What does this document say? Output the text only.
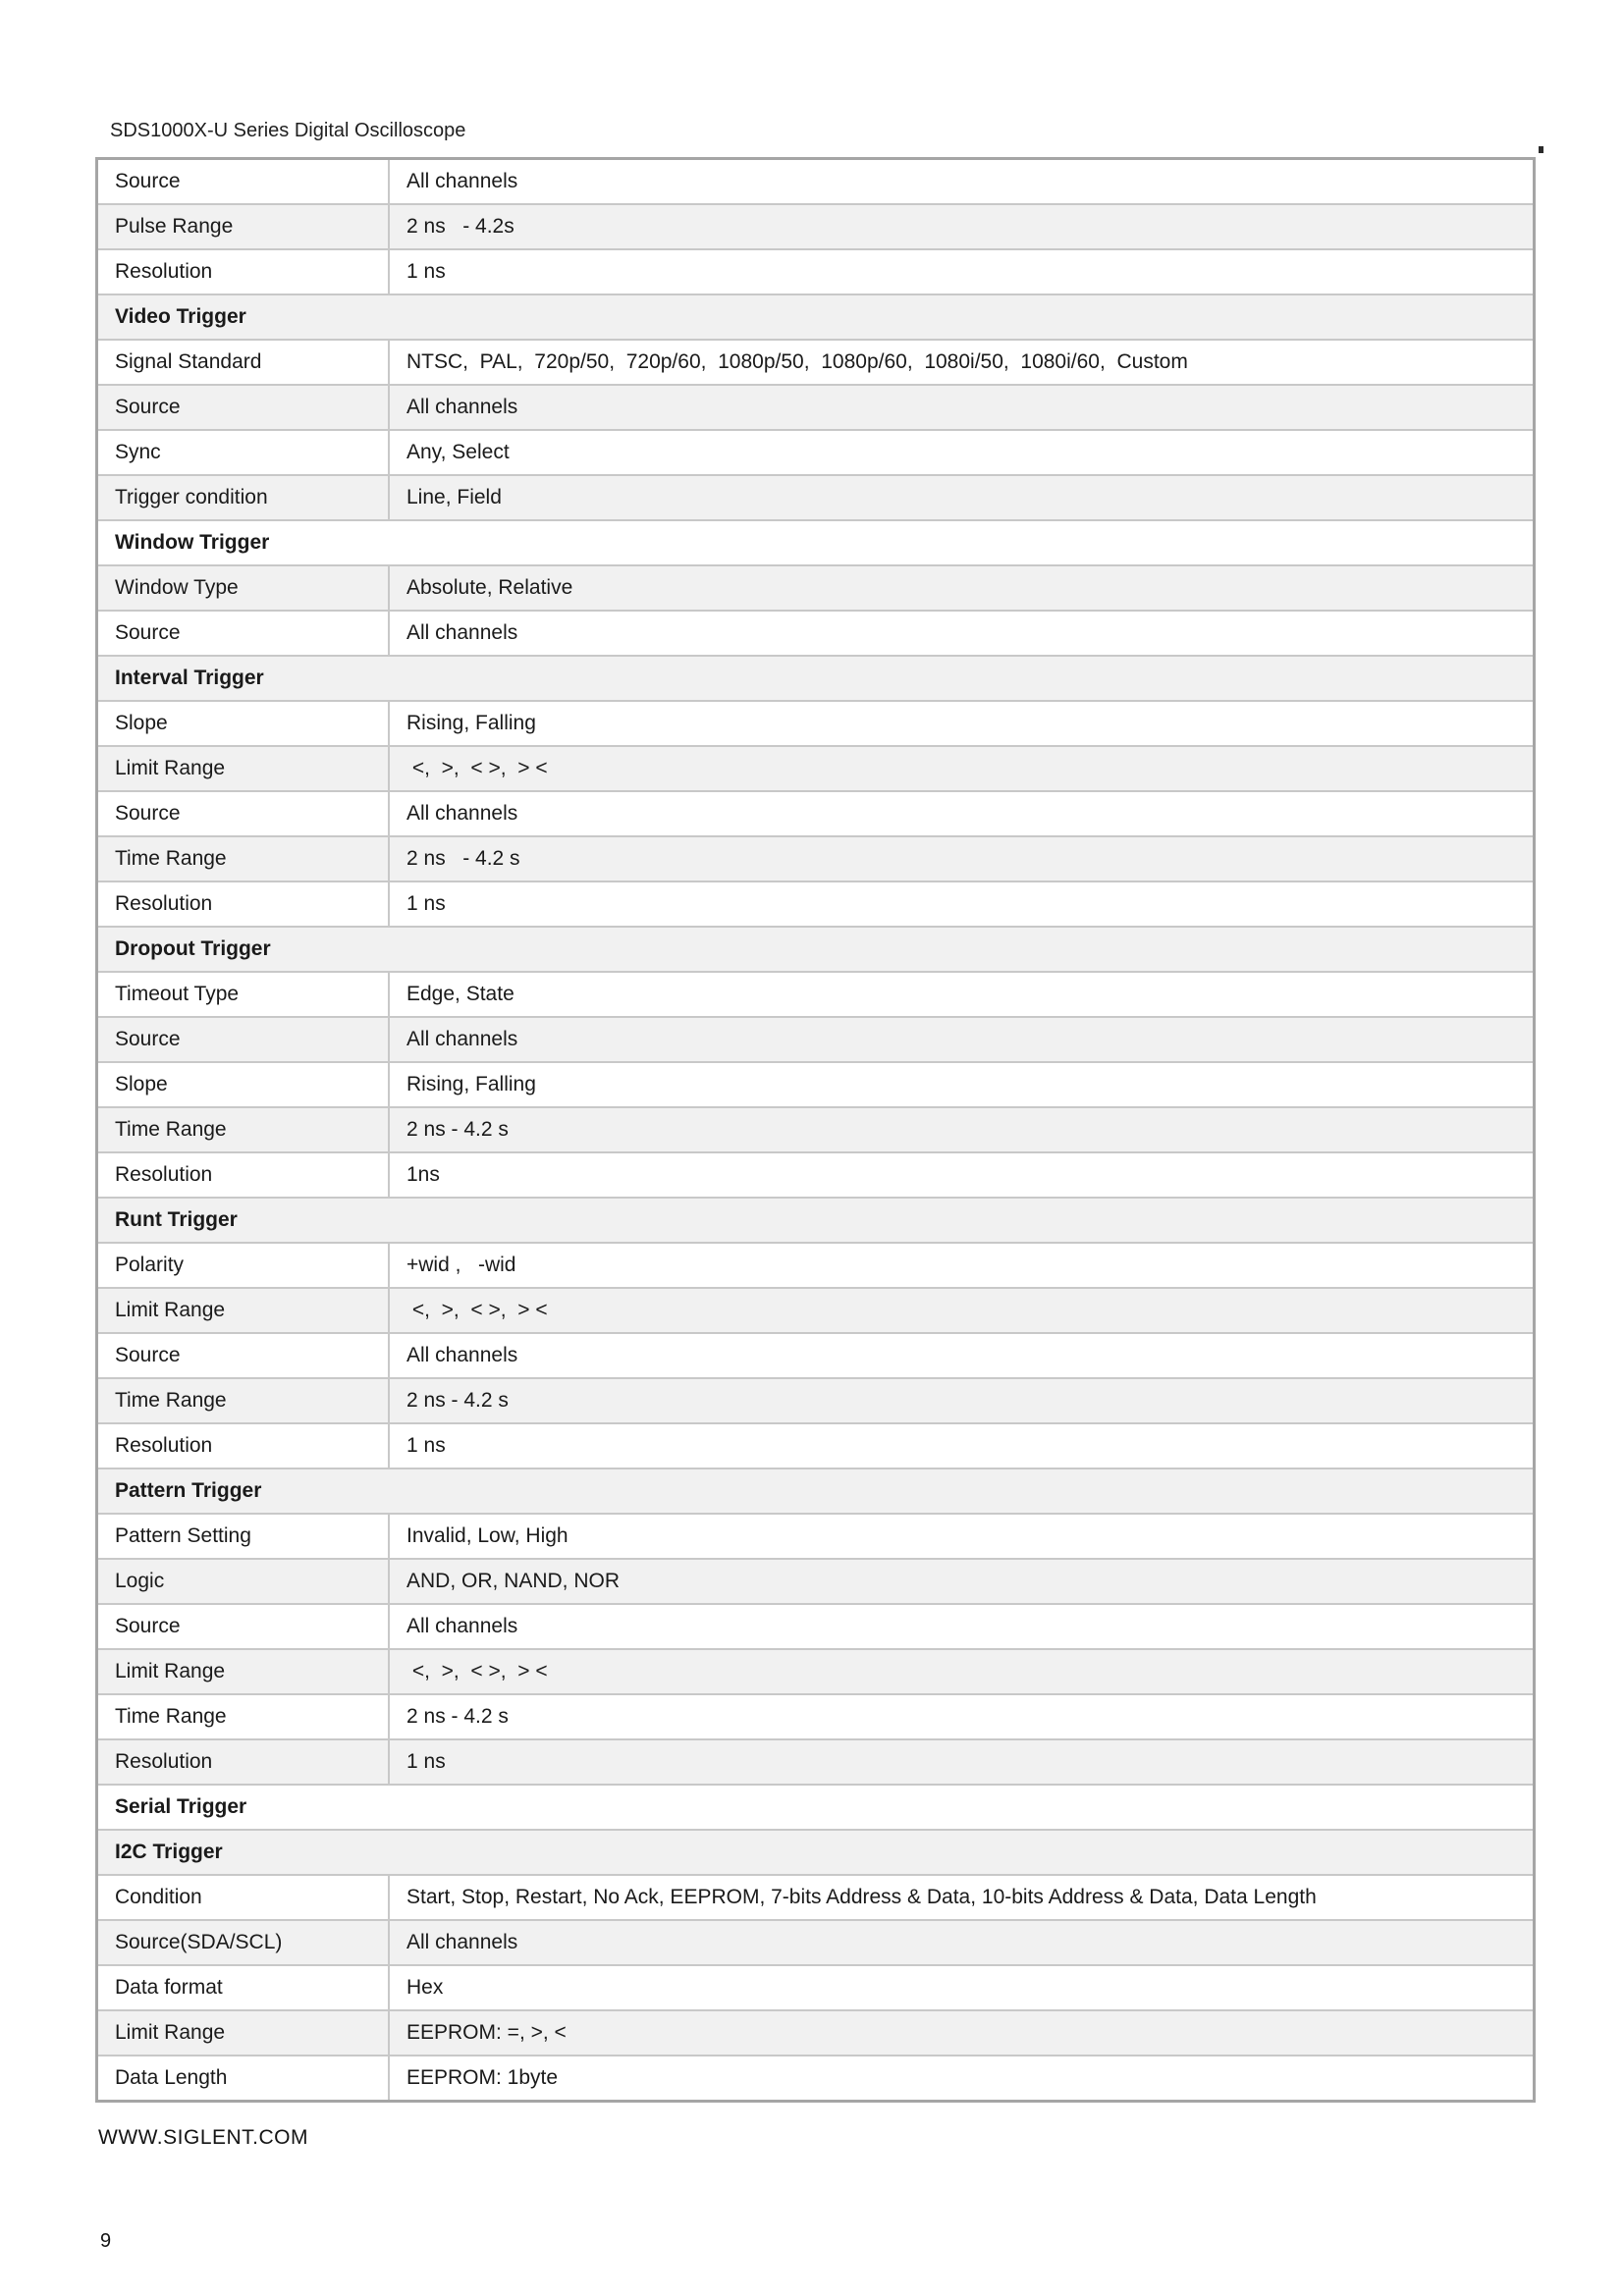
SDS1000X-U Series Digital Oscilloscope
Source	All channels
Pulse Range	2 ns   - 4.2s
Resolution	1 ns
Video Trigger
Signal Standard	NTSC,  PAL,  720p/50,  720p/60,  1080p/50,  1080p/60,  1080i/50,  1080i/60,  Custom
Source	All channels
Sync	Any, Select
Trigger condition	Line, Field
Window Trigger
Window Type	Absolute, Relative
Source	All channels
Interval Trigger
Slope	Rising, Falling
Limit Range	<,  >,  < >,  > <
Source	All channels
Time Range	2 ns   - 4.2 s
Resolution	1 ns
Dropout Trigger
Timeout Type	Edge, State
Source	All channels
Slope	Rising, Falling
Time Range	2 ns - 4.2 s
Resolution	1ns
Runt Trigger
Polarity	+wid ,   -wid
Limit Range	<,  >,  < >,  > <
Source	All channels
Time Range	2 ns - 4.2 s
Resolution	1 ns
Pattern Trigger
Pattern Setting	Invalid, Low, High
Logic	AND, OR, NAND, NOR
Source	All channels
Limit Range	<,  >,  < >,  > <
Time Range	2 ns - 4.2 s
Resolution	1 ns
Serial Trigger
I2C Trigger
Condition	Start, Stop, Restart, No Ack, EEPROM, 7-bits Address & Data, 10-bits Address & Data, Data Length
Source(SDA/SCL)	All channels
Data format	Hex
Limit Range	EEPROM: =, >, <
Data Length	EEPROM: 1byte
WWW.SIGLENT.COM
9
